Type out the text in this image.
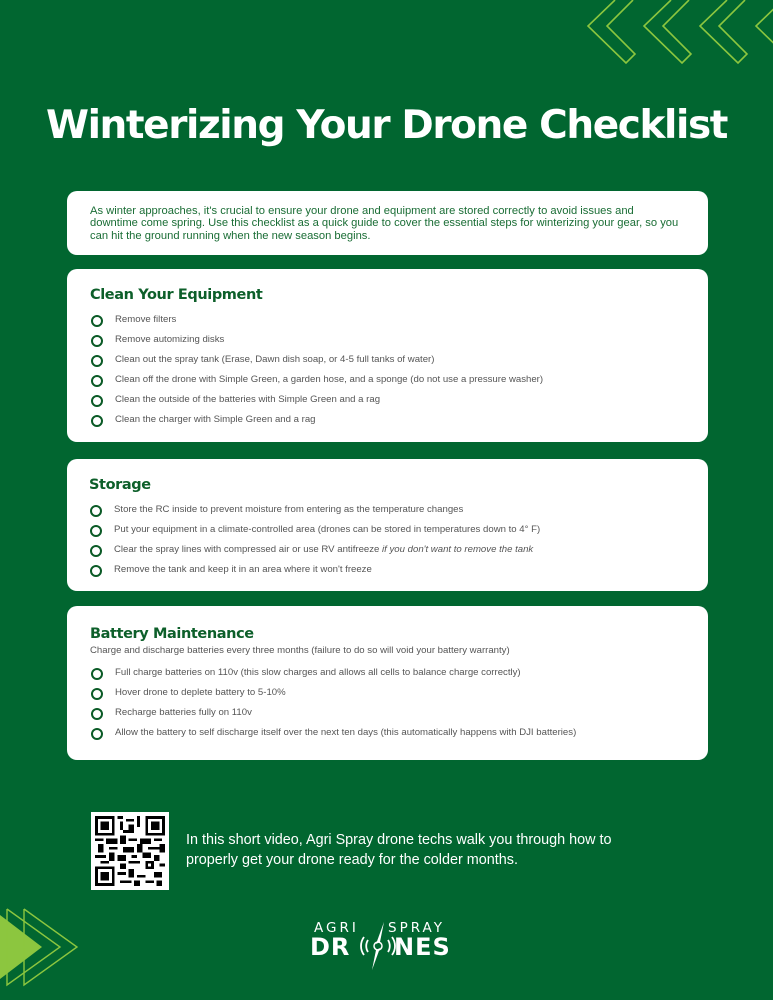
Winterizing Your Drone Checklist

As winter approaches, it's crucial to ensure your drone and equipment are stored correctly to avoid issues and downtime come spring. Use this checklist as a quick guide to cover the essential steps for winterizing your gear, so you can hit the ground running when the new season begins.

Clean Your Equipment
Remove filters
Remove automizing disks
Clean out the spray tank (Erase, Dawn dish soap, or 4-5 full tanks of water)
Clean off the drone with Simple Green, a garden hose, and a sponge (do not use a pressure washer)
Clean the outside of the batteries with Simple Green and a rag
Clean the charger with Simple Green and a rag
Storage
Store the RC inside to prevent moisture from entering as the temperature changes
Put your equipment in a climate-controlled area (drones can be stored in temperatures down to 4° F)
Clear the spray lines with compressed air or use RV antifreeze if you don't want to remove the tank
Remove the tank and keep it in an area where it won't freeze
Battery Maintenance
Charge and discharge batteries every three months (failure to do so will void your battery warranty)
Full charge batteries on 110v (this slow charges and allows all cells to balance charge correctly)
Hover drone to deplete battery to 5-10%
Recharge batteries fully on 110v
Allow the battery to self discharge itself over the next ten days (this automatically happens with DJI batteries)
In this short video, Agri Spray drone techs walk you through how to properly get your drone ready for the colder months.
AGRI SPRAY
DR NES
